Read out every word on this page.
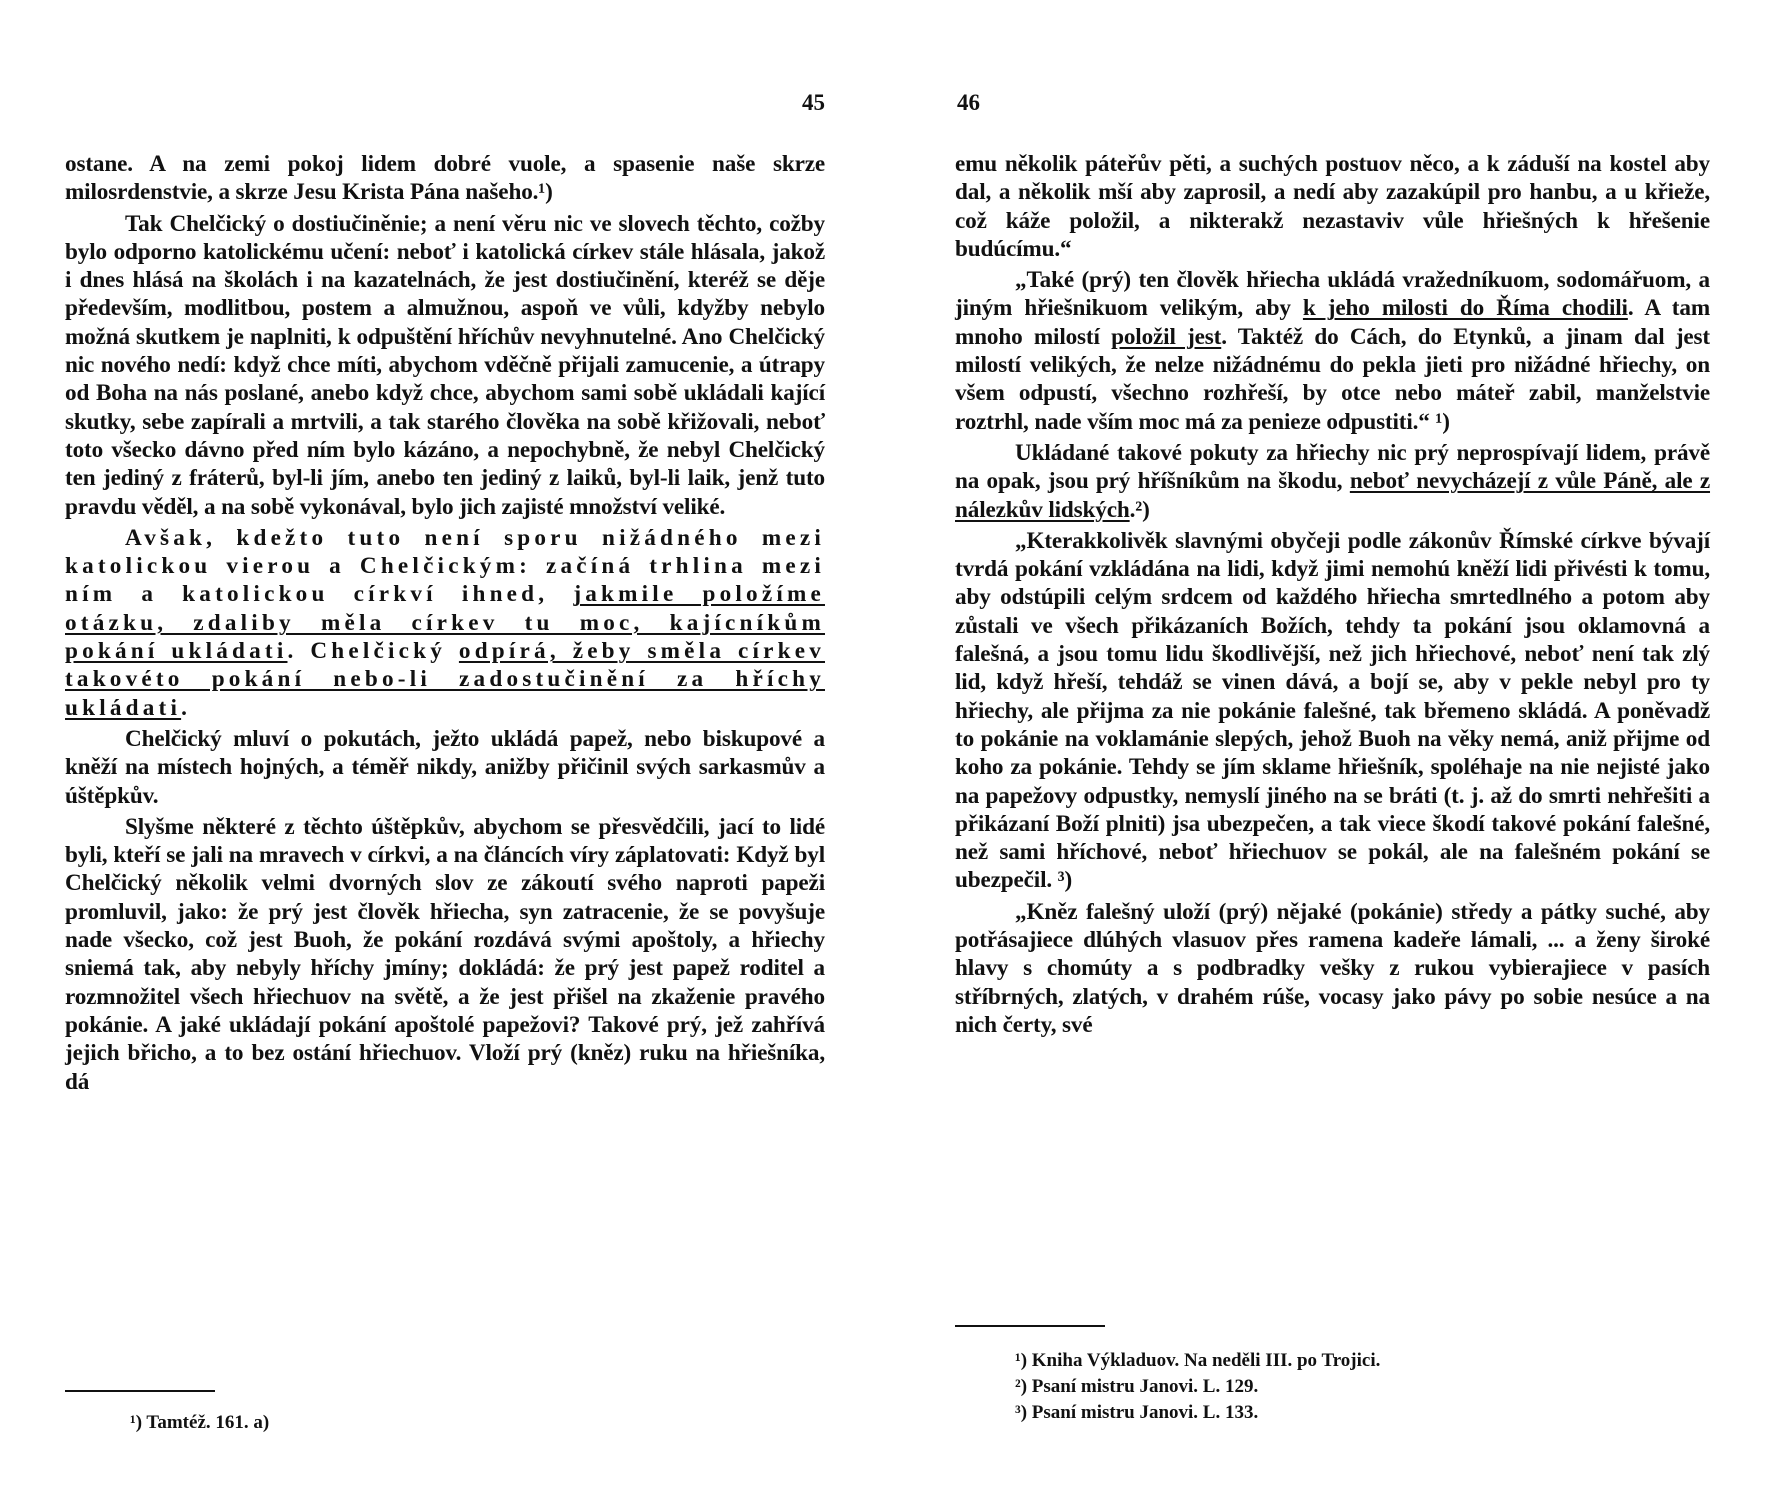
45

ostane. A na zemi pokoj lidem dobré vuole, a spasenie naše skrze milosrdenstvie, a skrze Jesu Krista Pána našeho.¹)

Tak Chelčický o dostiučiněnie; a není věru nic ve slovech těchto, cožby bylo odporno katolickému učení: neboť i katolická církev stále hlásala, jakož i dnes hlásá na školách i na kazatelnách, že jest dostiučinění, kteréž se děje především, modlitbou, postem a almužnou, aspoň ve vůli, kdyžby nebylo možná skutkem je naplniti, k odpuštění hříchův nevyhnutelné. Ano Chelčický nic nového nedí: když chce míti, abychom vděčně přijali zamucenie, a útrapy od Boha na nás poslané, anebo když chce, abychom sami sobě ukládali kající skutky, sebe zapírali a mrtvili, a tak starého člověka na sobě křižovali, neboť toto všecko dávno před ním bylo kázáno, a nepochybně, že nebyl Chelčický ten jediný z fráterů, byl-li jím, anebo ten jediný z laiků, byl-li laik, jenž tuto pravdu věděl, a na sobě vykonával, bylo jich zajisté množství veliké.

Avšak, kdežto tuto není sporu nižádného mezi katolickou vierou a Chelčickým: začíná trhlina mezi ním a katolickou církví ihned, jakmile položíme otázku, zdaliby měla církev tu moc, kajícníkům pokání ukládati. Chelčický odpírá, žeby směla církev takovéto pokání nebo-li zadostučinění za hříchy ukládati.

Chelčický mluví o pokutách, ježto ukládá papež, nebo biskupové a kněží na místech hojných, a téměř nikdy, anižby přičinil svých sarkasmův a úštěpkův.

Slyšme některé z těchto úštěpkův, abychom se přesvědčili, jací to lidé byli, kteří se jali na mravech v církvi, a na článcích víry záplatovati: Když byl Chelčický několik velmi dvorných slov ze zákoutí svého naproti papeži promluvil, jako: že prý jest člověk hřiecha, syn zatracenie, že se povyšuje nade všecko, což jest Buoh, že pokání rozdává svými apoštoly, a hřiechy sniemá tak, aby nebyly hříchy jmíny; dokládá: že prý jest papež roditel a rozmnožitel všech hřiechuov na světě, a že jest přišel na zkaženie pravého pokánie. A jaké ukládají pokání apoštolé papežovi? Takové prý, jež zahřívá jejich břicho, a to bez ostání hřiechuov. Vloží prý (kněz) ruku na hřiešníka, dá

¹) Tamtéž. 161. a)
46

emu několik páteřův pěti, a suchých postuov něco, a k záduší na kostel aby dal, a několik mší aby zaprosil, a nedí aby zazakúpil pro hanbu, a u křieže, což káže položil, a nikterakž nezastaviv vůle hřiešných k hřešenie budúcímu.“

„Také (prý) ten člověk hřiecha ukládá vražedníkuom, sodomářuom, a jiným hřiešnikuom velikým, aby k jeho milosti do Říma chodili. A tam mnoho milostí položil jest. Taktéž do Cách, do Etynků, a jinam dal jest milostí velikých, že nelze nižádnému do pekla jieti pro nižádné hřiechy, on všem odpustí, všechno rozhřeší, by otce nebo máteř zabil, manželstvie roztrhl, nade vším moc má za penieze odpustiti.“ ¹)

Ukládané takové pokuty za hřiechy nic prý neprospívají lidem, právě na opak, jsou prý hříšníkům na škodu, neboť nevycházejí z vůle Páně, ale z nálezkův lidských.²)

„Kterakkolivěk slavnými obyčeji podle zákonův Římské církve bývají tvrdá pokání vzkládána na lidi, když jimi nemohú kněží lidi přivésti k tomu, aby odstúpili celým srdcem od každého hřiecha smrtedlného a potom aby zůstali ve všech přikázaních Božích, tehdy ta pokání jsou oklamovná a falešná, a jsou tomu lidu škodlivější, než jich hřiechové, neboť není tak zlý lid, když hřeší, tehdáž se vinen dává, a bojí se, aby v pekle nebyl pro ty hřiechy, ale přijma za nie pokánie falešné, tak břemeno skládá. A poněvadž to pokánie na voklamánie slepých, jehož Buoh na věky nemá, aniž přijme od koho za pokánie. Tehdy se jím sklame hřiešník, spoléhaje na nie nejisté jako na papežovy odpustky, nemyslí jiného na se bráti (t. j. až do smrti nehřešiti a přikázaní Boží plniti) jsa ubezpečen, a tak viece škodí takové pokání falešné, než sami hříchové, neboť hřiechuov se pokál, ale na falešném pokání se ubezpečil. ³)

„Kněz falešný uloží (prý) nějaké (pokánie) středy a pátky suché, aby potřásajiece dlúhých vlasuov přes ramena kadeře lámali, ... a ženy široké hlavy s chomúty a s podbradky vešky z rukou vybierajiece v pasích stříbrných, zlatých, v drahém rúše, vocasy jako pávy po sobie nesúce a na nich čerty, své

¹) Kniha Výkladuov. Na neděli III. po Trojici.
²) Psaní mistru Janovi. L. 129.
³) Psaní mistru Janovi. L. 133.
